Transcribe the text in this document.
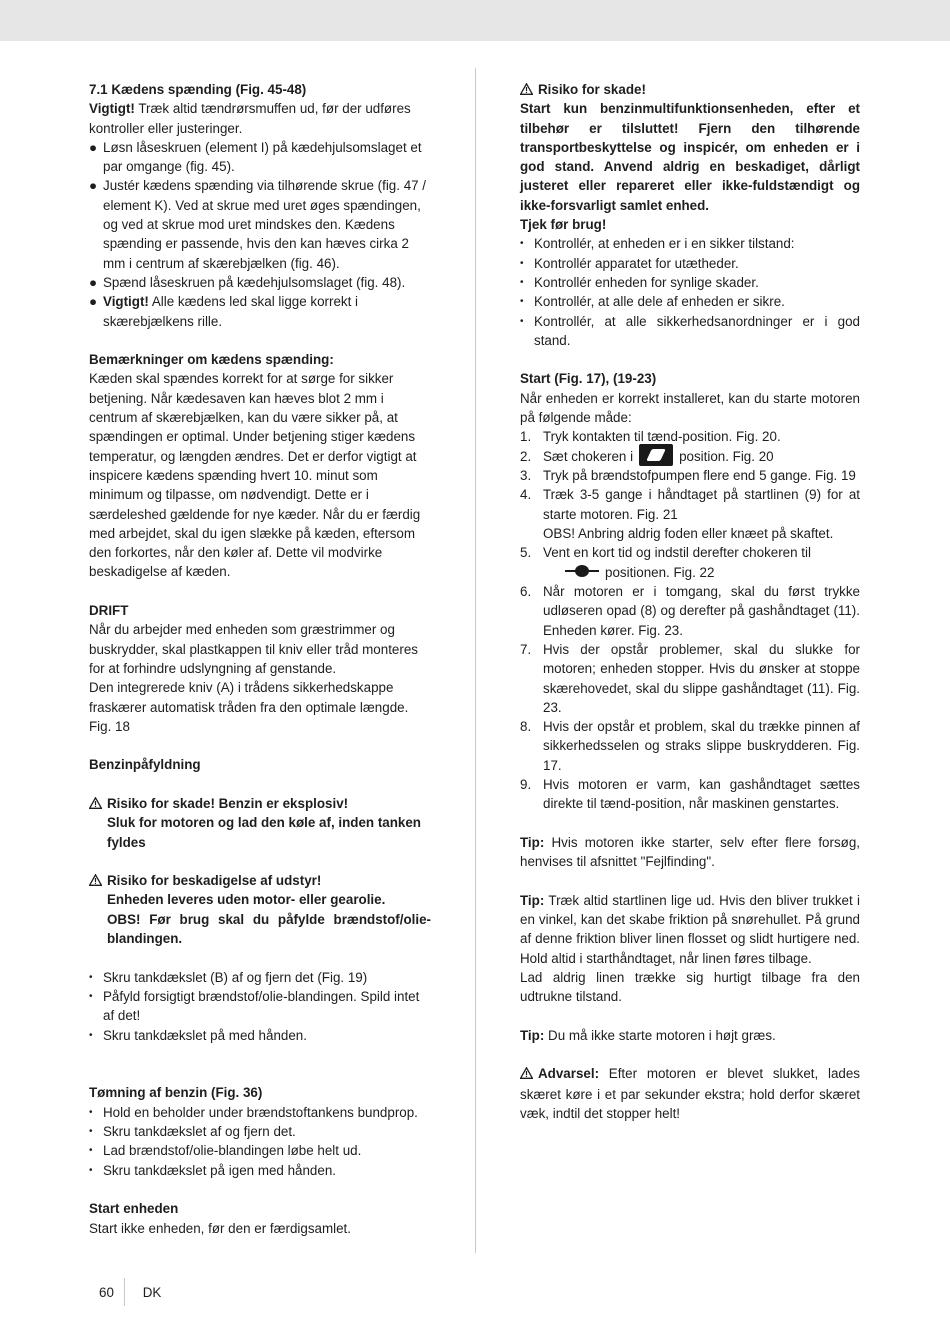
7.1 Kædens spænding (Fig. 45-48)

Vigtigt! Træk altid tændrørsmuffen ud, før der udføres kontroller eller justeringer.

● Løsn låseskruen (element I) på kædehjulsomslaget et par omgange (fig. 45).
● Justér kædens spænding via tilhørende skrue (fig. 47 / element K). Ved at skrue med uret øges spændingen, og ved at skrue mod uret mindskes den. Kædens spænding er passende, hvis den kan hæves cirka 2 mm i centrum af skærebjælken (fig. 46).
● Spænd låseskruen på kædehjulsomslaget (fig. 48).
● Vigtigt! Alle kædens led skal ligge korrekt i skærebjælkens rille.

Bemærkninger om kædens spænding:

Kæden skal spændes korrekt for at sørge for sikker betjening. Når kædesaven kan hæves blot 2 mm i centrum af skærebjælken, kan du være sikker på, at spændingen er optimal. Under betjening stiger kædens temperatur, og længden ændres. Det er derfor vigtigt at inspicere kædens spænding hvert 10. minut som minimum og tilpasse, om nødvendigt. Dette er i særdeleshed gældende for nye kæder. Når du er færdig med arbejdet, skal du igen slække på kæden, eftersom den forkortes, når den køler af. Dette vil modvirke beskadigelse af kæden.

DRIFT

Når du arbejder med enheden som græstrimmer og buskrydder, skal plastkappen til kniv eller tråd monteres for at forhindre udslyngning af genstande.

Den integrerede kniv (A) i trådens sikkerhedskappe fraskærer automatisk tråden fra den optimale længde. Fig. 18

Benzinpåfyldning

Risiko for skade! Benzin er eksplosiv!

Sluk for motoren og lad den køle af, inden tanken fyldes

Risiko for beskadigelse af udstyr!

Enheden leveres uden motor- eller gearolie.

OBS! Før brug skal du påfylde brændstof/olie-blandingen.

• Skru tankdækslet (B) af og fjern det (Fig. 19)
• Påfyld forsigtigt brændstof/olie-blandingen. Spild intet af det!
• Skru tankdækslet på med hånden.

Tømning af benzin (Fig. 36)

• Hold en beholder under brændstoftankens bundprop.
• Skru tankdækslet af og fjern det.
• Lad brændstof/olie-blandingen løbe helt ud.
• Skru tankdækslet på igen med hånden.

Start enheden

Start ikke enheden, før den er færdigsamlet.

Risiko for skade!

Start kun benzinmultifunktionsenheden, efter et tilbehør er tilsluttet! Fjern den tilhørende transportbeskyttelse og inspicér, om enheden er i god stand. Anvend aldrig en beskadiget, dårligt justeret eller repareret eller ikke-fuldstændigt og ikke-forsvarligt samlet enhed.

Tjek før brug!

• Kontrollér, at enheden er i en sikker tilstand:
• Kontrollér apparatet for utætheder.
• Kontrollér enheden for synlige skader.
• Kontrollér, at alle dele af enheden er sikre.
• Kontrollér, at alle sikkerhedsanordninger er i god stand.

Start (Fig. 17), (19-23)

Når enheden er korrekt installeret, kan du starte motoren på følgende måde:

1. Tryk kontakten til tænd-position. Fig. 20.
2. Sæt chokeren i	position. Fig. 20
3. Tryk på brændstofpumpen flere end 5 gange. Fig. 19
4. Træk 3-5 gange i håndtaget på startlinen (9) for at starte motoren. Fig. 21
OBS! Anbring aldrig foden eller knæet på skaftet.
5. Vent en kort tid og indstil derefter chokeren til
positionen. Fig. 22
6. Når motoren er i tomgang, skal du først trykke udløseren opad (8) og derefter på gashåndtaget (11). Enheden kører. Fig. 23.
7. Hvis der opstår problemer, skal du slukke for motoren; enheden stopper. Hvis du ønsker at stoppe skærehovedet, skal du slippe gashåndtaget (11). Fig. 23.
8. Hvis der opstår et problem, skal du trække pinnen af sikkerhedsselen og straks slippe buskrydderen. Fig. 17.
9. Hvis motoren er varm, kan gashåndtaget sættes direkte til tænd-position, når maskinen genstartes.

Tip: Hvis motoren ikke starter, selv efter flere forsøg, henvises til afsnittet "Fejlfinding".

Tip: Træk altid startlinen lige ud. Hvis den bliver trukket i en vinkel, kan det skabe friktion på snørehullet. På grund af denne friktion bliver linen flosset og slidt hurtigere ned. Hold altid i starthåndtaget, når linen føres tilbage.

Lad aldrig linen trække sig hurtigt tilbage fra den udtrukne tilstand.

Tip: Du må ikke starte motoren i højt græs.

Advarsel: Efter motoren er blevet slukket, lades skæret køre i et par sekunder ekstra; hold derfor skæret væk, indtil det stopper helt!

60 DK
